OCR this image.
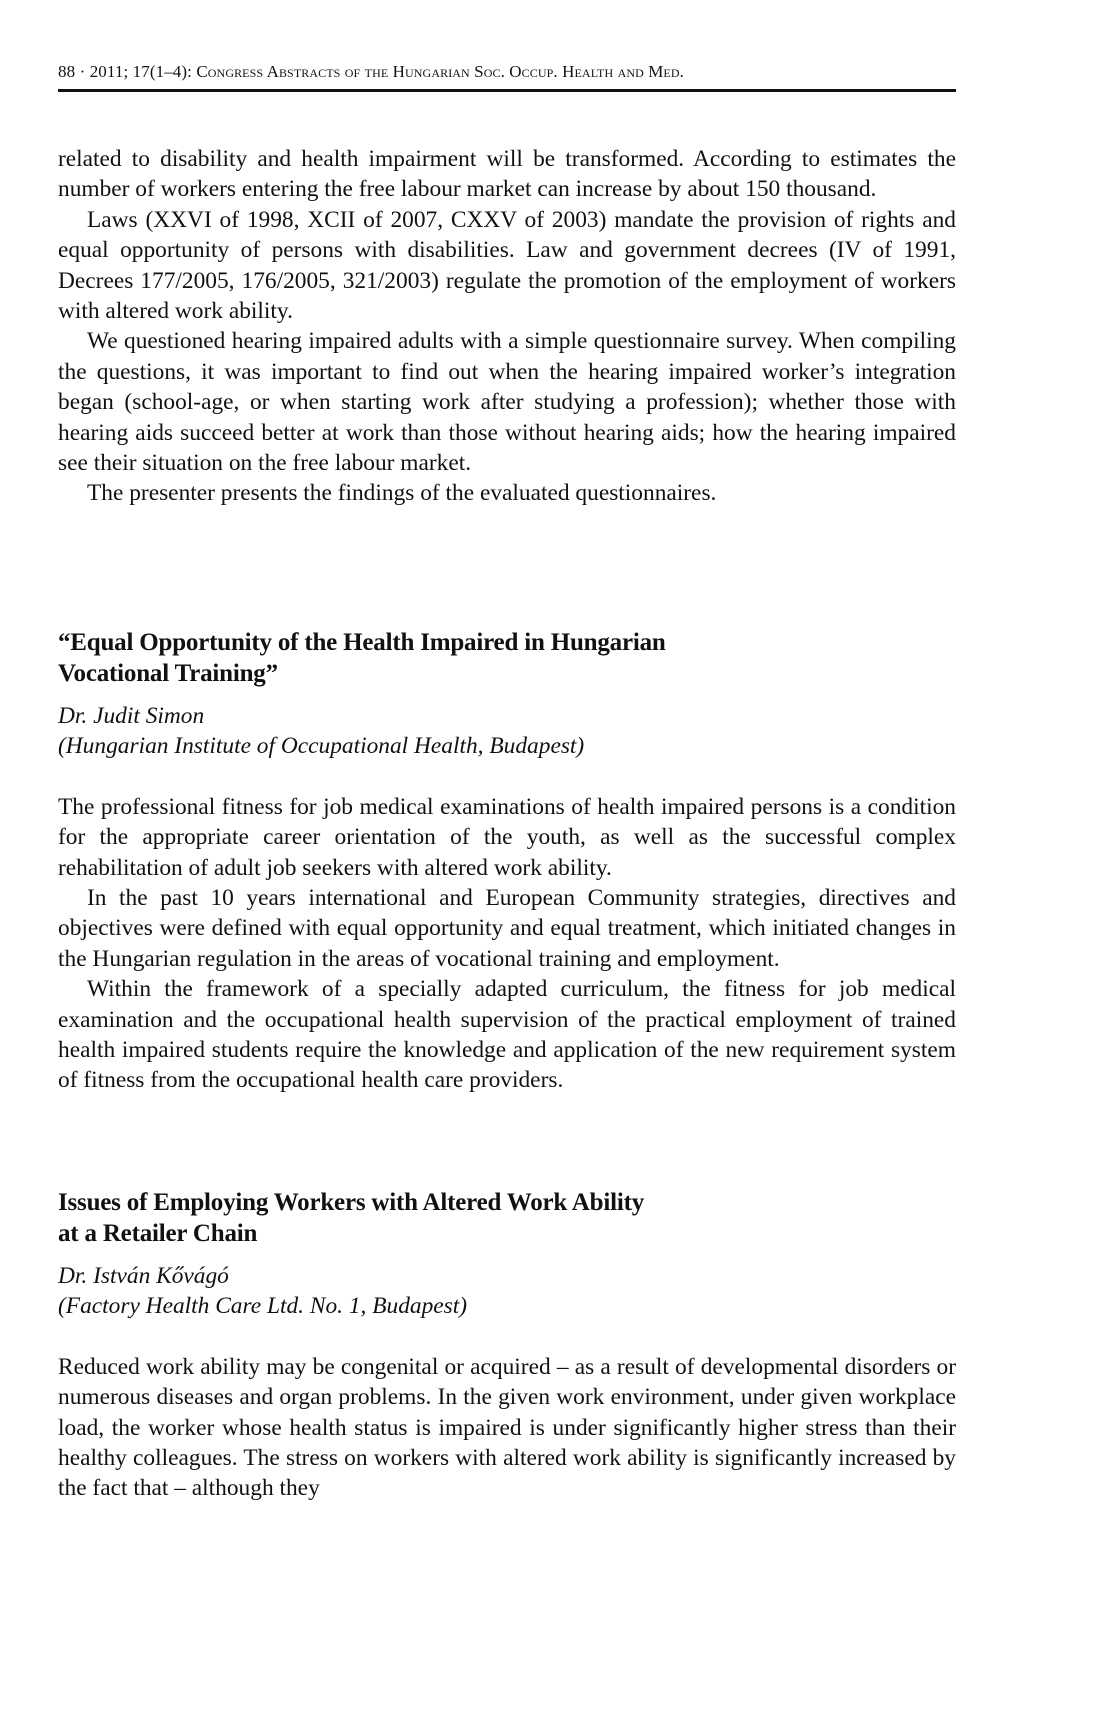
88 · 2011; 17(1–4): Congress Abstracts of the Hungarian Soc. Occup. Health and Med.

related to disability and health impairment will be transformed. According to estimates the number of workers entering the free labour market can increase by about 150 thousand.

Laws (XXVI of 1998, XCII of 2007, CXXV of 2003) mandate the provision of rights and equal opportunity of persons with disabilities. Law and government decrees (IV of 1991, Decrees 177/2005, 176/2005, 321/2003) regulate the promotion of the employment of workers with altered work ability.

We questioned hearing impaired adults with a simple questionnaire survey. When compiling the questions, it was important to find out when the hearing impaired worker’s integration began (school-age, or when starting work after studying a profession); whether those with hearing aids succeed better at work than those without hearing aids; how the hearing impaired see their situation on the free labour market.

The presenter presents the findings of the evaluated questionnaires.

“Equal Opportunity of the Health Impaired in Hungarian
Vocational Training”

Dr. Judit Simon

(Hungarian Institute of Occupational Health, Budapest)

The professional fitness for job medical examinations of health impaired persons is a condition for the appropriate career orientation of the youth, as well as the successful complex rehabilitation of adult job seekers with altered work ability.

In the past 10 years international and European Community strategies, directives and objectives were defined with equal opportunity and equal treatment, which initiated changes in the Hungarian regulation in the areas of vocational training and employment.

Within the framework of a specially adapted curriculum, the fitness for job medical examination and the occupational health supervision of the practical employment of trained health impaired students require the knowledge and application of the new requirement system of fitness from the occupational health care providers.

Issues of Employing Workers with Altered Work Ability
at a Retailer Chain

Dr. István Kővágó

(Factory Health Care Ltd. No. 1, Budapest)

Reduced work ability may be congenital or acquired – as a result of developmental disorders or numerous diseases and organ problems. In the given work environment, under given workplace load, the worker whose health status is impaired is under significantly higher stress than their healthy colleagues. The stress on workers with altered work ability is significantly increased by the fact that – although they
